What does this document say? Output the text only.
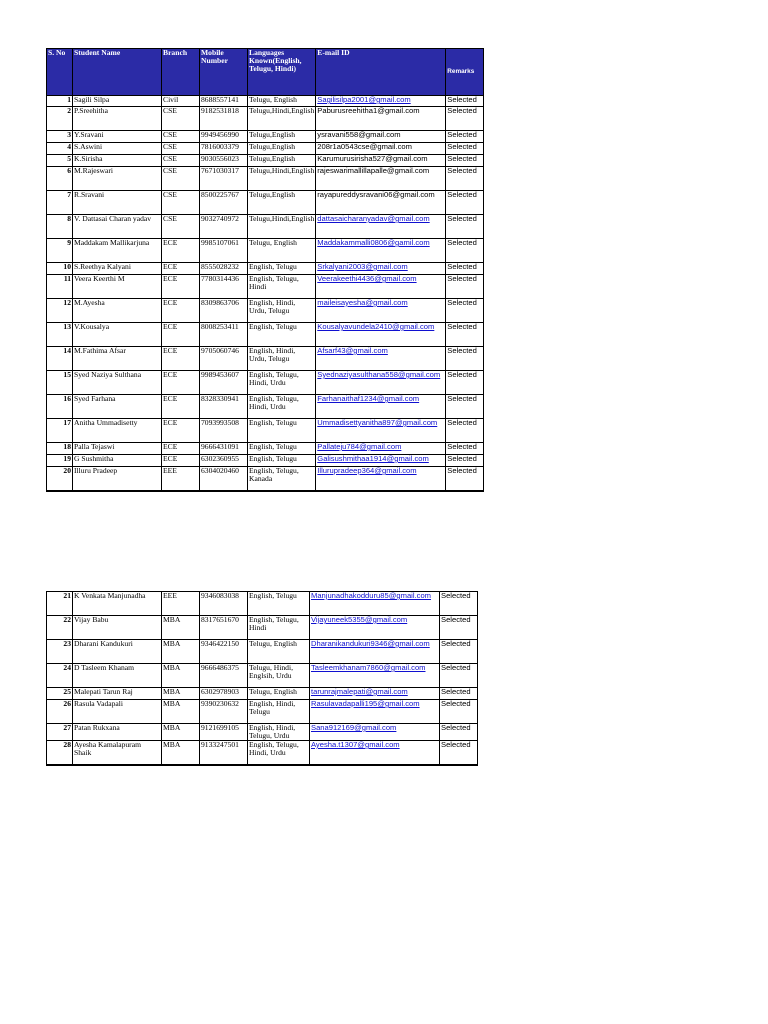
S. No	Student Name	Branch	Mobile Number	Languages Known(English, Telugu, Hindi)	E-mail ID	Remarks
1	Sagili Silpa	Civil	8688557141	Telugu, English	Sagilisilpa2001@gmail.com	Selected
2	P.Sreehitha	CSE	9182531818	Telugu,Hindi,English	Paburusreehitha1@gmail.com	Selected
3	Y.Sravani	CSE	9949456990	Telugu,English	ysravani558@gmail.com	Selected
4	S.Aswini	CSE	7816003379	Telugu,English	208r1a0543cse@gmail.com	Selected
5	K.Sirisha	CSE	9030556023	Telugu,English	Karumurusirisha527@gmail.com	Selected
6	M.Rajeswari	CSE	7671030317	Telugu,Hindi,English	rajeswarimallillapalle@gmail.com	Selected
7	R.Sravani	CSE	8500225767	Telugu,English	rayapureddysravani06@gmail.com	Selected
8	V. Dattasai Charan yadav	CSE	9032740972	Telugu,Hindi,English	dattasaicharanyadav@gmail.com	Selected
9	Maddakam Mallikarjuna	ECE	9985107061	Telugu, English	Maddakammalli0806@gamil.com	Selected
10	S.Reethya Kalyani	ECE	8555028232	English, Telugu	Srkalyani2003@gmail.com	Selected
11	Veera Keerthi M	ECE	7780314436	English, Telugu, Hindi	Veerakeethi4436@gmail.com	Selected
12	M.Ayesha	ECE	8309863706	English, Hindi, Urdu, Telugu	maileisayesha@gmail.com	Selected
13	V.Kousalya	ECE	8008253411	English, Telugu	Kousalyavundela2410@gmail.com	Selected
14	M.Fathima Afsar	ECE	9705060746	English, Hindi, Urdu, Telugu	Afsarf43@gmail.com	Selected
15	Syed Naziya Sulthana	ECE	9989453607	English, Telugu, Hindi, Urdu	Syednaziyasulthana558@gmail.com	Selected
16	Syed Farhana	ECE	8328330941	English, Telugu, Hindi, Urdu	Farhanaithaf1234@gmail.com	Selected
17	Anitha Ummadisetty	ECE	7093993508	English, Telugu	Ummadisettyanitha897@gmail.com	Selected
18	Palla Tejaswi	ECE	9666431091	English, Telugu	Pallateju784@gmail.com	Selected
19	G Sushmitha	ECE	6302360955	English, Telugu	Galisushmithaa1914@gmail.com	Selected
20	Illuru Pradeep	EEE	6304020460	English, Telugu, Kanada	Illurupradeep364@gmail.com	Selected
21	K Venkata Manjunadha	EEE	9346083038	English, Telugu	Manjunadhakodduru85@gmail.com	Selected
22	Vijay Babu	MBA	8317651670	English, Telugu, Hindi	Vijayuneek5355@gmail.com	Selected
23	Dharani Kandukuri	MBA	9346422150	Telugu, English	Dharanikandukuri9346@gmail.com	Selected
24	D Tasleem Khanam	MBA	9666486375	Telugu, Hindi, Englsih, Urdu	Tasleemkhanam7860@gmail.com	Selected
25	Malepati Tarun Raj	MBA	6302978903	Telugu, English	tarunrajmalepati@gmail.com	Selected
26	Rasula Vadapali	MBA	9390230632	English, Hindi, Telugu	Rasulavadapalli195@gmail.com	Selected
27	Patan Rukxana	MBA	9121699105	English, Hindi, Telugu, Urdu	Sana912169@gmail.com	Selected
28	Ayesha Kamalapuram Shaik	MBA	9133247501	English, Telugu, Hindi, Urdu	Ayesha.t1307@gmail.com	Selected
